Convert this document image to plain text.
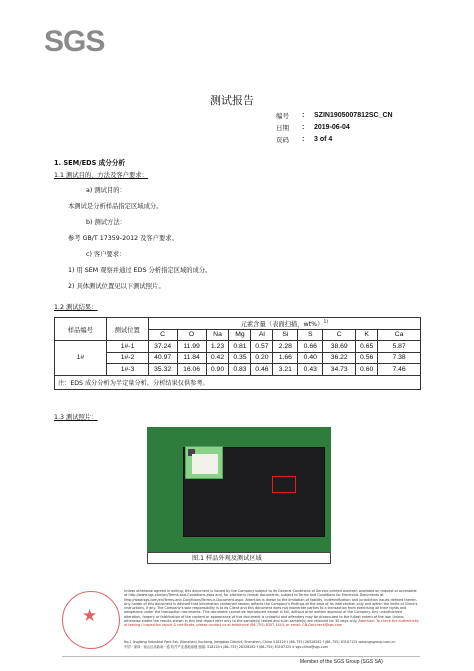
SGS
测试报告
编号	:	SZIN1905007812SC_CN
日期	:	2019-06-04
页码	:	3 of 4
1. SEM/EDS 成分分析
1.1 测试目的、方法及客户要求：
a) 测试目的：
本测试是分析样品指定区域成分。
b) 测试方法：
参考 GB/T 17359-2012 及客户要求。
c) 客户要求：
1) 用 SEM 观察并通过 EDS 分析指定区域的成分。
2) 具体测试位置见以下测试照片。
1.2 测试结果：
样品编号	测试位置	元素含量（表面扫描，wt%）$^{1)}$
		C	O	Na	Mg	Al	Si	S	C	K	Ca
1#	1#-1	37.24	11.99	1.23	0.81	0.57	2.28	0.66	38.69	0.65	5.87
	1#-2	40.97	11.84	0.42	0.35	0.20	1.66	0.40	36.22	0.56	7.38
	1#-3	35.32	16.06	0.90	0.83	0.46	3.21	0.43	34.73	0.60	7.46
注：EDS 成分分析为半定量分析，分析结果仅供参考。											
1.3 测试照片：
图.1 样品外观及测试区域
★
Unless otherwise agreed in writing, this document is issued by the Company subject to its General Conditions of Service printed overleaf, available on request or accessible at http://www.sgs.com/en/Terms-and-Conditions.aspx and, for electronic format documents, subject to Terms and Conditions for Electronic Documents at http://www.sgs.com/en/Terms-and-Conditions/Terms-e-Document.aspx. Attention is drawn to the limitation of liability, indemnification and jurisdiction issues defined therein. Any holder of this document is advised that information contained hereon reflects the Company's findings at the time of its intervention only and within the limits of Client's instructions, if any. The Company's sole responsibility is to its Client and this document does not exonerate parties to a transaction from exercising all their rights and obligations under the transaction documents. This document cannot be reproduced except in full, without prior written approval of the Company. Any unauthorized alteration, forgery or falsification of the content or appearance of this document is unlawful and offenders may be prosecuted to the fullest extent of the law. Unless otherwise stated the results shown in this test report refer only to the sample(s) tested and such sample(s) are retained for 30 days only. Attention: To check the authenticity of testing / inspection report & certificate, please contact us at telephone (86-755) 8307 1443, or email: CN.Doccheck@sgs.com
No.1 Jingjiang Industrial Park Ext. (Nanshan) Jiuchang, Jiangqiao District, Shenzhen, China 518129 t (86–755) 26328282 f (86–755) 83107125 www.sgsgroup.com.cn
中国 · 深圳 · 南山区高新南一道 软件产业基地南楼 邮编: 518129 t (86–755) 26328282 f (86–755) 83107125 e sgs.china@sgs.com
Member of the SGS Group (SGS SA)
